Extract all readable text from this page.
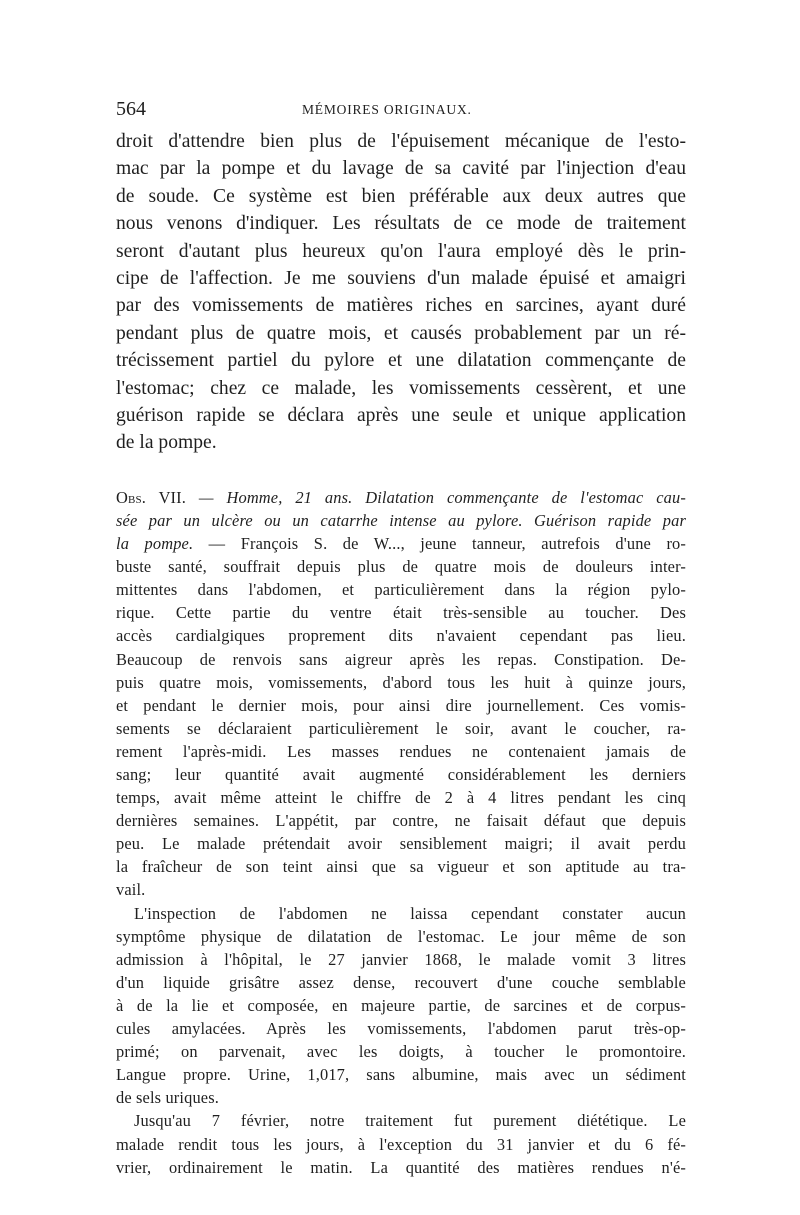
564	MÉMOIRES ORIGINAUX.
droit d'attendre bien plus de l'épuisement mécanique de l'esto-
mac par la pompe et du lavage de sa cavité par l'injection d'eau
de soude. Ce système est bien préférable aux deux autres que
nous venons d'indiquer. Les résultats de ce mode de traitement
seront d'autant plus heureux qu'on l'aura employé dès le prin-
cipe de l'affection. Je me souviens d'un malade épuisé et amaigri
par des vomissements de matières riches en sarcines, ayant duré
pendant plus de quatre mois, et causés probablement par un ré-
trécissement partiel du pylore et une dilatation commençante de
l'estomac; chez ce malade, les vomissements cessèrent, et une
guérison rapide se déclara après une seule et unique application
de la pompe.
Obs. VII. — Homme, 21 ans. Dilatation commençante de l'estomac cau-
sée par un ulcère ou un catarrhe intense au pylore. Guérison rapide par
la pompe. — François S. de W..., jeune tanneur, autrefois d'une ro-
buste santé, souffrait depuis plus de quatre mois de douleurs inter-
mittentes dans l'abdomen, et particulièrement dans la région pylo-
rique. Cette partie du ventre était très-sensible au toucher. Des
accès cardialgiques proprement dits n'avaient cependant pas lieu.
Beaucoup de renvois sans aigreur après les repas. Constipation. De-
puis quatre mois, vomissements, d'abord tous les huit à quinze jours,
et pendant le dernier mois, pour ainsi dire journellement. Ces vomis-
sements se déclaraient particulièrement le soir, avant le coucher, ra-
rement l'après-midi. Les masses rendues ne contenaient jamais de
sang; leur quantité avait augmenté considérablement les derniers
temps, avait même atteint le chiffre de 2 à 4 litres pendant les cinq
dernières semaines. L'appétit, par contre, ne faisait défaut que depuis
peu. Le malade prétendait avoir sensiblement maigri; il avait perdu
la fraîcheur de son teint ainsi que sa vigueur et son aptitude au tra-
vail.
L'inspection de l'abdomen ne laissa cependant constater aucun
symptôme physique de dilatation de l'estomac. Le jour même de son
admission à l'hôpital, le 27 janvier 1868, le malade vomit 3 litres
d'un liquide grisâtre assez dense, recouvert d'une couche semblable
à de la lie et composée, en majeure partie, de sarcines et de corpus-
cules amylacées. Après les vomissements, l'abdomen parut très-op-
primé; on parvenait, avec les doigts, à toucher le promontoire.
Langue propre. Urine, 1,017, sans albumine, mais avec un sédiment
de sels uriques.
Jusqu'au 7 février, notre traitement fut purement diététique. Le
malade rendit tous les jours, à l'exception du 31 janvier et du 6 fé-
vrier, ordinairement le matin. La quantité des matières rendues n'é-
